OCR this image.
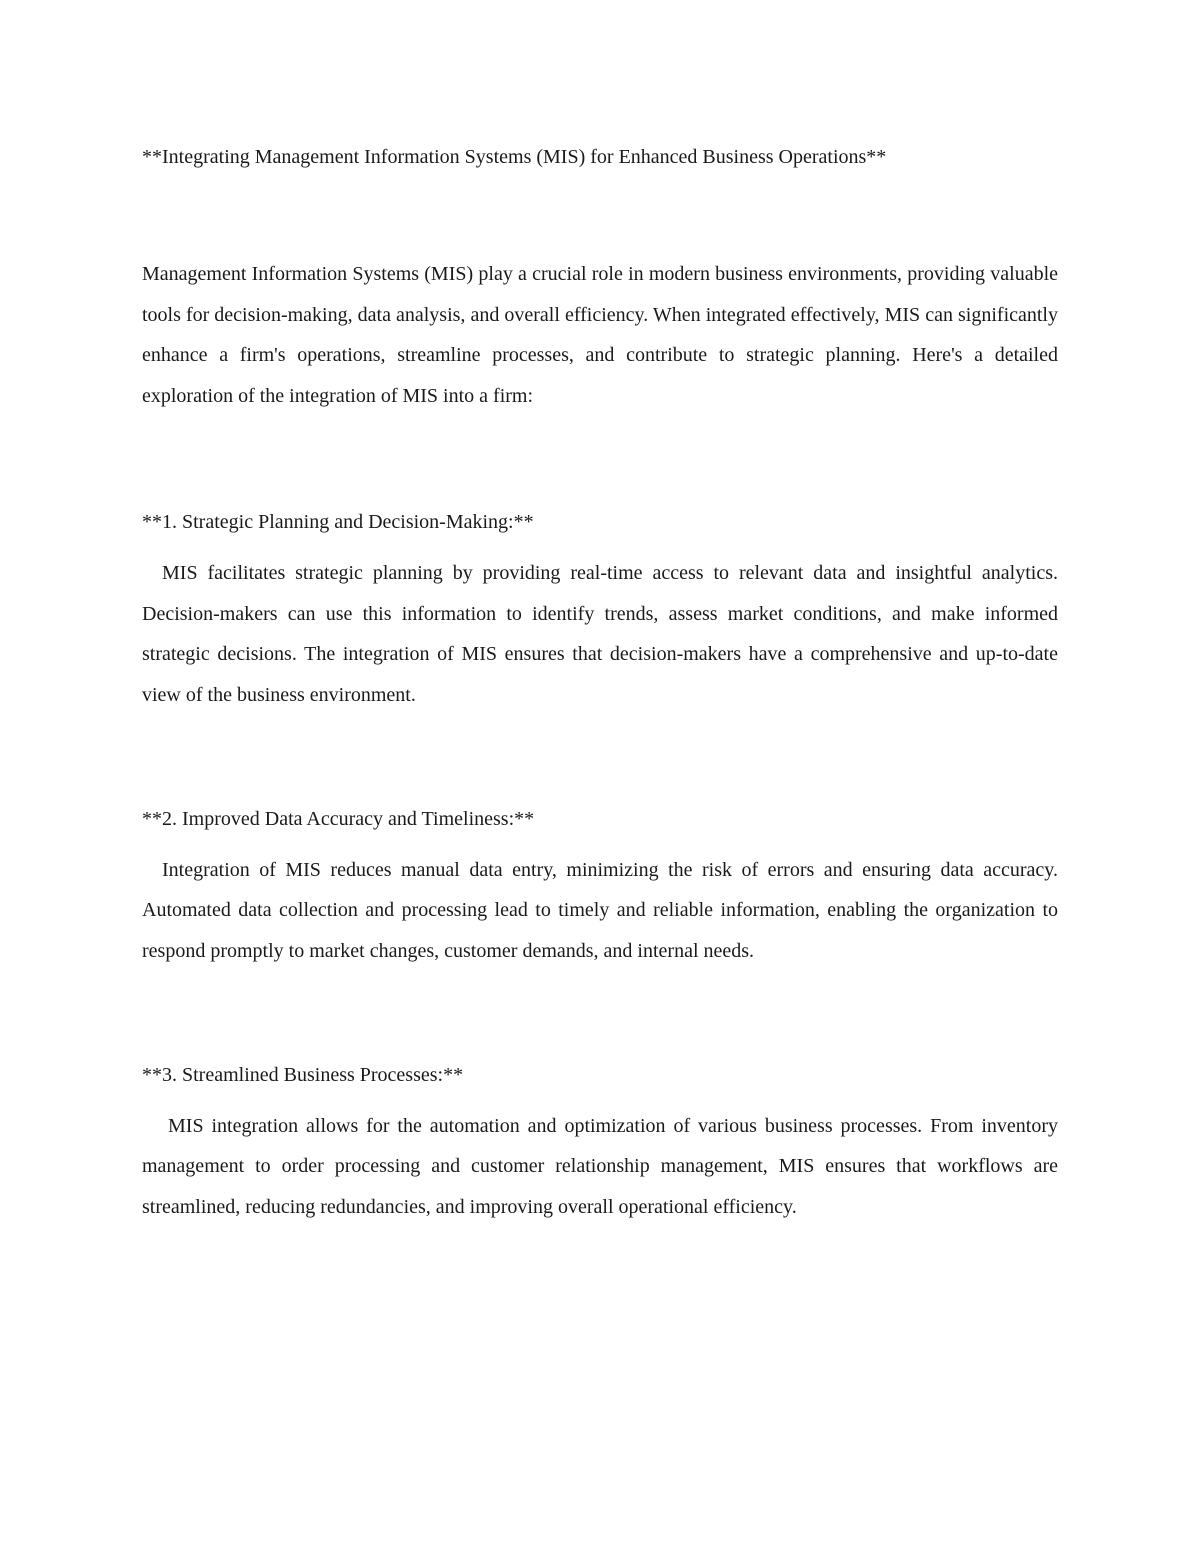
**Integrating Management Information Systems (MIS) for Enhanced Business Operations**

Management Information Systems (MIS) play a crucial role in modern business environments, providing valuable tools for decision-making, data analysis, and overall efficiency. When integrated effectively, MIS can significantly enhance a firm's operations, streamline processes, and contribute to strategic planning. Here's a detailed exploration of the integration of MIS into a firm:

**1. Strategic Planning and Decision-Making:**

MIS facilitates strategic planning by providing real-time access to relevant data and insightful analytics. Decision-makers can use this information to identify trends, assess market conditions, and make informed strategic decisions. The integration of MIS ensures that decision-makers have a comprehensive and up-to-date view of the business environment.

**2. Improved Data Accuracy and Timeliness:**

Integration of MIS reduces manual data entry, minimizing the risk of errors and ensuring data accuracy. Automated data collection and processing lead to timely and reliable information, enabling the organization to respond promptly to market changes, customer demands, and internal needs.

**3. Streamlined Business Processes:**

MIS integration allows for the automation and optimization of various business processes. From inventory management to order processing and customer relationship management, MIS ensures that workflows are streamlined, reducing redundancies, and improving overall operational efficiency.
